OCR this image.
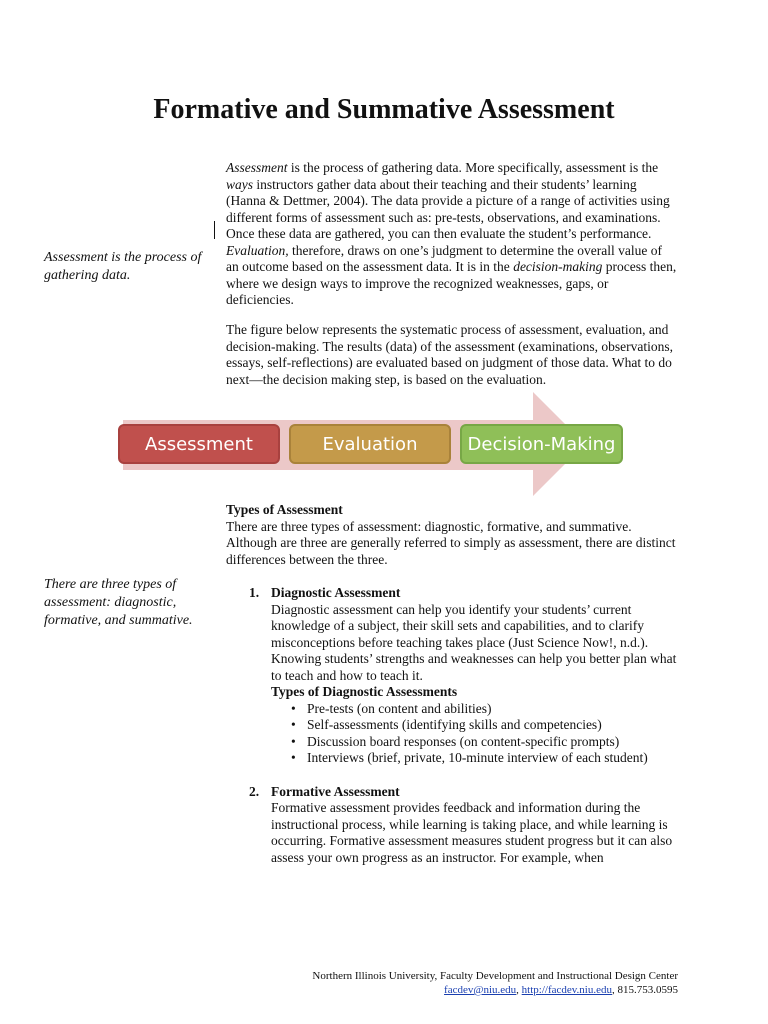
Formative and Summative Assessment

Assessment is the process of gathering data.

There are three types of assessment: diagnostic, formative, and summative.

Assessment is the process of gathering data. More specifically, assessment is the ways instructors gather data about their teaching and their students’ learning (Hanna & Dettmer, 2004). The data provide a picture of a range of activities using different forms of assessment such as: pre-tests, observations, and examinations. Once these data are gathered, you can then evaluate the student’s performance. Evaluation, therefore, draws on one’s judgment to determine the overall value of an outcome based on the assessment data. It is in the decision-making process then, where we design ways to improve the recognized weaknesses, gaps, or deficiencies.

The figure below represents the systematic process of assessment, evaluation, and decision-making. The results (data) of the assessment (examinations, observations, essays, self-reflections) are evaluated based on judgment of those data. What to do next—the decision making step, is based on the evaluation.

Assessment	Evaluation	Decision-Making
Types of Assessment
There are three types of assessment: diagnostic, formative, and summative. Although are three are generally referred to simply as assessment, there are distinct differences between the three.
1. Diagnostic Assessment
Diagnostic assessment can help you identify your students’ current knowledge of a subject, their skill sets and capabilities, and to clarify misconceptions before teaching takes place (Just Science Now!, n.d.). Knowing students’ strengths and weaknesses can help you better plan what to teach and how to teach it.
Types of Diagnostic Assessments
• Pre-tests (on content and abilities)
• Self-assessments (identifying skills and competencies)
• Discussion board responses (on content-specific prompts)
• Interviews (brief, private, 10-minute interview of each student)
2. Formative Assessment
Formative assessment provides feedback and information during the instructional process, while learning is taking place, and while learning is occurring. Formative assessment measures student progress but it can also assess your own progress as an instructor. For example, when
Northern Illinois University, Faculty Development and Instructional Design Center
facdev@niu.edu, http://facdev.niu.edu, 815.753.0595
